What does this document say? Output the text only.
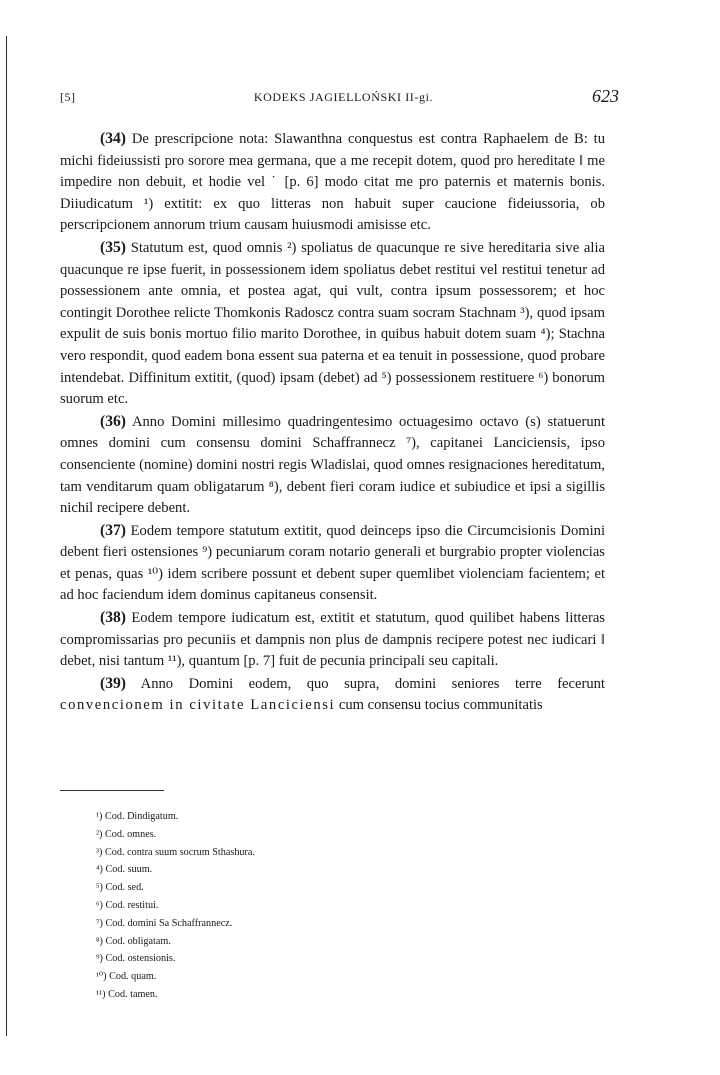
[5]	KODEKS JAGIELLOŃSKI II-gi.	623

(34) De prescripcione nota: Slawanthna conquestus est contra Raphaelem de B: tu michi fideiussisti pro sorore mea germana, que a me recepit dotem, quod pro hereditate ‖ me impedire non debuit, et hodie vel ˙ [p. 6] modo citat me pro paternis et maternis bonis. Diiudicatum ¹) extitit: ex quo litteras non habuit super caucione fideiussoria, ob perscripcionem annorum trium causam huiusmodi amisisse etc.

(35) Statutum est, quod omnis ²) spoliatus de quacunque re sive hereditaria sive alia quacunque re ipse fuerit, in possessionem idem spoliatus debet restitui vel restitui tenetur ad possessionem ante omnia, et postea agat, qui vult, contra ipsum possessorem; et hoc contingit Dorothee relicte Thomkonis Radoscz contra suam socram Stachnam ³), quod ipsam expulit de suis bonis mortuo filio marito Dorothee, in quibus habuit dotem suam ⁴); Stachna vero respondit, quod eadem bona essent sua paterna et ea tenuit in possessione, quod probare intendebat. Diffinitum extitit, (quod) ipsam (debet) ad ⁵) possessionem restituere ⁶) bonorum suorum etc.

(36) Anno Domini millesimo quadringentesimo octuagesimo octavo (s) statuerunt omnes domini cum consensu domini Schaffrannecz ⁷), capitanei Lanciciensis, ipso consenciente (nomine) domini nostri regis Wladislai, quod omnes resignaciones hereditatum, tam venditarum quam obligatarum ⁸), debent fieri coram iudice et subiudice et ipsi a sigillis nichil recipere debent.

(37) Eodem tempore statutum extitit, quod deinceps ipso die Circumcisionis Domini debent fieri ostensiones ⁹) pecuniarum coram notario generali et burgrabio propter violencias et penas, quas ¹⁰) idem scribere possunt et debent super quemlibet violenciam facientem; et ad hoc faciendum idem dominus capitaneus consensit.

(38) Eodem tempore iudicatum est, extitit et statutum, quod quilibet habens litteras compromissarias pro pecuniis et dampnis non plus de dampnis recipere potest nec iudicari ‖ debet, nisi tantum ¹¹), quantum [p. 7] fuit de pecunia principali seu capitali.

(39) Anno Domini eodem, quo supra, domini seniores terre fecerunt convencionem in civitate Lanciciensi cum consensu tocius communitatis

¹) Cod. Dindigatum.
²) Cod. omnes.
³) Cod. contra suum socrum Sthashura.
⁴) Cod. suum.
⁵) Cod. sed.
⁶) Cod. restitui.
⁷) Cod. domini Sa Schaffrannecz.
⁸) Cod. obligatam.
⁹) Cod. ostensionis.
¹⁰) Cod. quam.
¹¹) Cod. tamen.
